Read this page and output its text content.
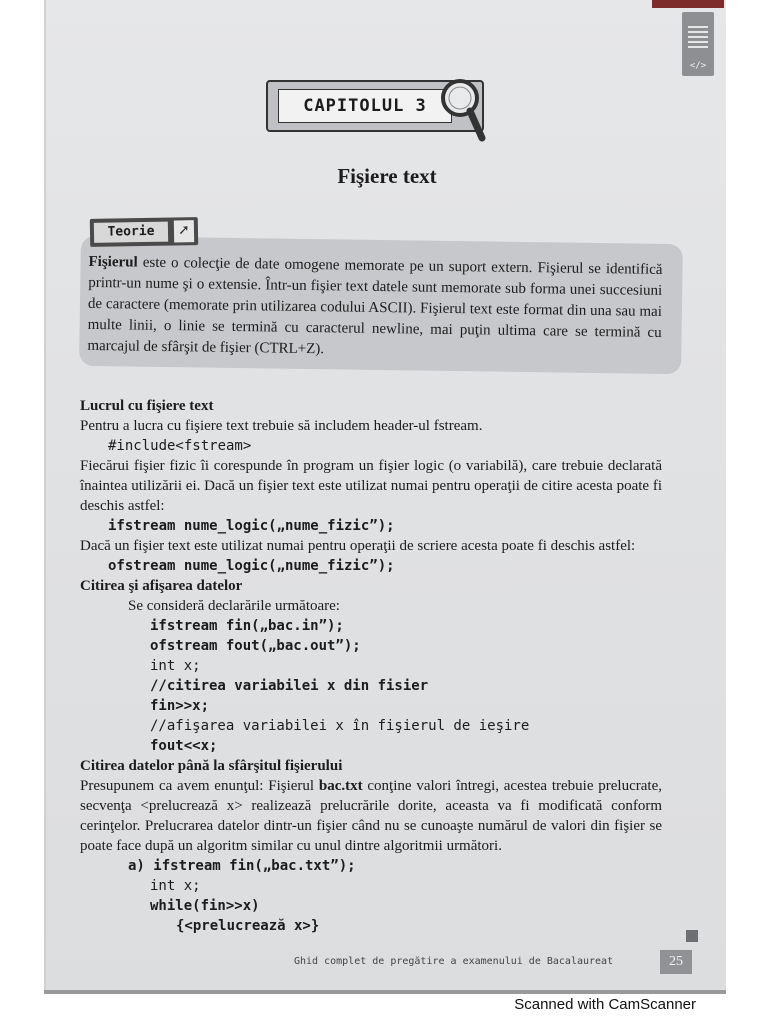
</>
CAPITOLUL 3
Fişiere text

Fişierul este o colecţie de date omogene memorate pe un suport extern. Fişierul se identifică printr-un nume şi o extensie. Într-un fişier text datele sunt memorate sub forma unei succesiuni de caractere (memorate prin utilizarea codului ASCII). Fişierul text este format din una sau mai multe linii, o linie se termină cu caracterul newline, mai puţin ultima care se termină cu marcajul de sfârşit de fişier (CTRL+Z).

Teorie	➚
Lucrul cu fişiere text

Pentru a lucra cu fişiere text trebuie să includem header-ul fstream.

#include<fstream>

Fiecărui fişier fizic îi corespunde în program un fişier logic (o variabilă), care trebuie declarată înaintea utilizării ei. Dacă un fişier text este utilizat numai pentru operaţii de citire acesta poate fi deschis astfel:

ifstream nume_logic(„nume_fizic”);

Dacă un fişier text este utilizat numai pentru operaţii de scriere acesta poate fi deschis astfel:

ofstream nume_logic(„nume_fizic”);
Citirea şi afişarea datelor

Se consideră declarările următoare:

ifstream fin(„bac.in”);
ofstream fout(„bac.out”);
int x;
//citirea variabilei x din fisier
fin>>x;
//afişarea variabilei x în fişierul de ieşire
fout<<x;
Citirea datelor până la sfârşitul fişierului

Presupunem ca avem enunţul: Fişierul bac.txt conţine valori întregi, acestea trebuie prelucrate, secvenţa <prelucrează x> realizează prelucrările dorite, aceasta va fi modificată conform cerinţelor. Prelucrarea datelor dintr-un fişier când nu se cunoaşte numărul de valori din fişier se poate face după un algoritm similar cu unul dintre algoritmii următori.

a) ifstream fin(„bac.txt”);
int x;
while(fin>>x)
{<prelucrează x>}
Ghid complet de pregătire a examenului de Bacalaureat	25
Scanned with CamScanner
